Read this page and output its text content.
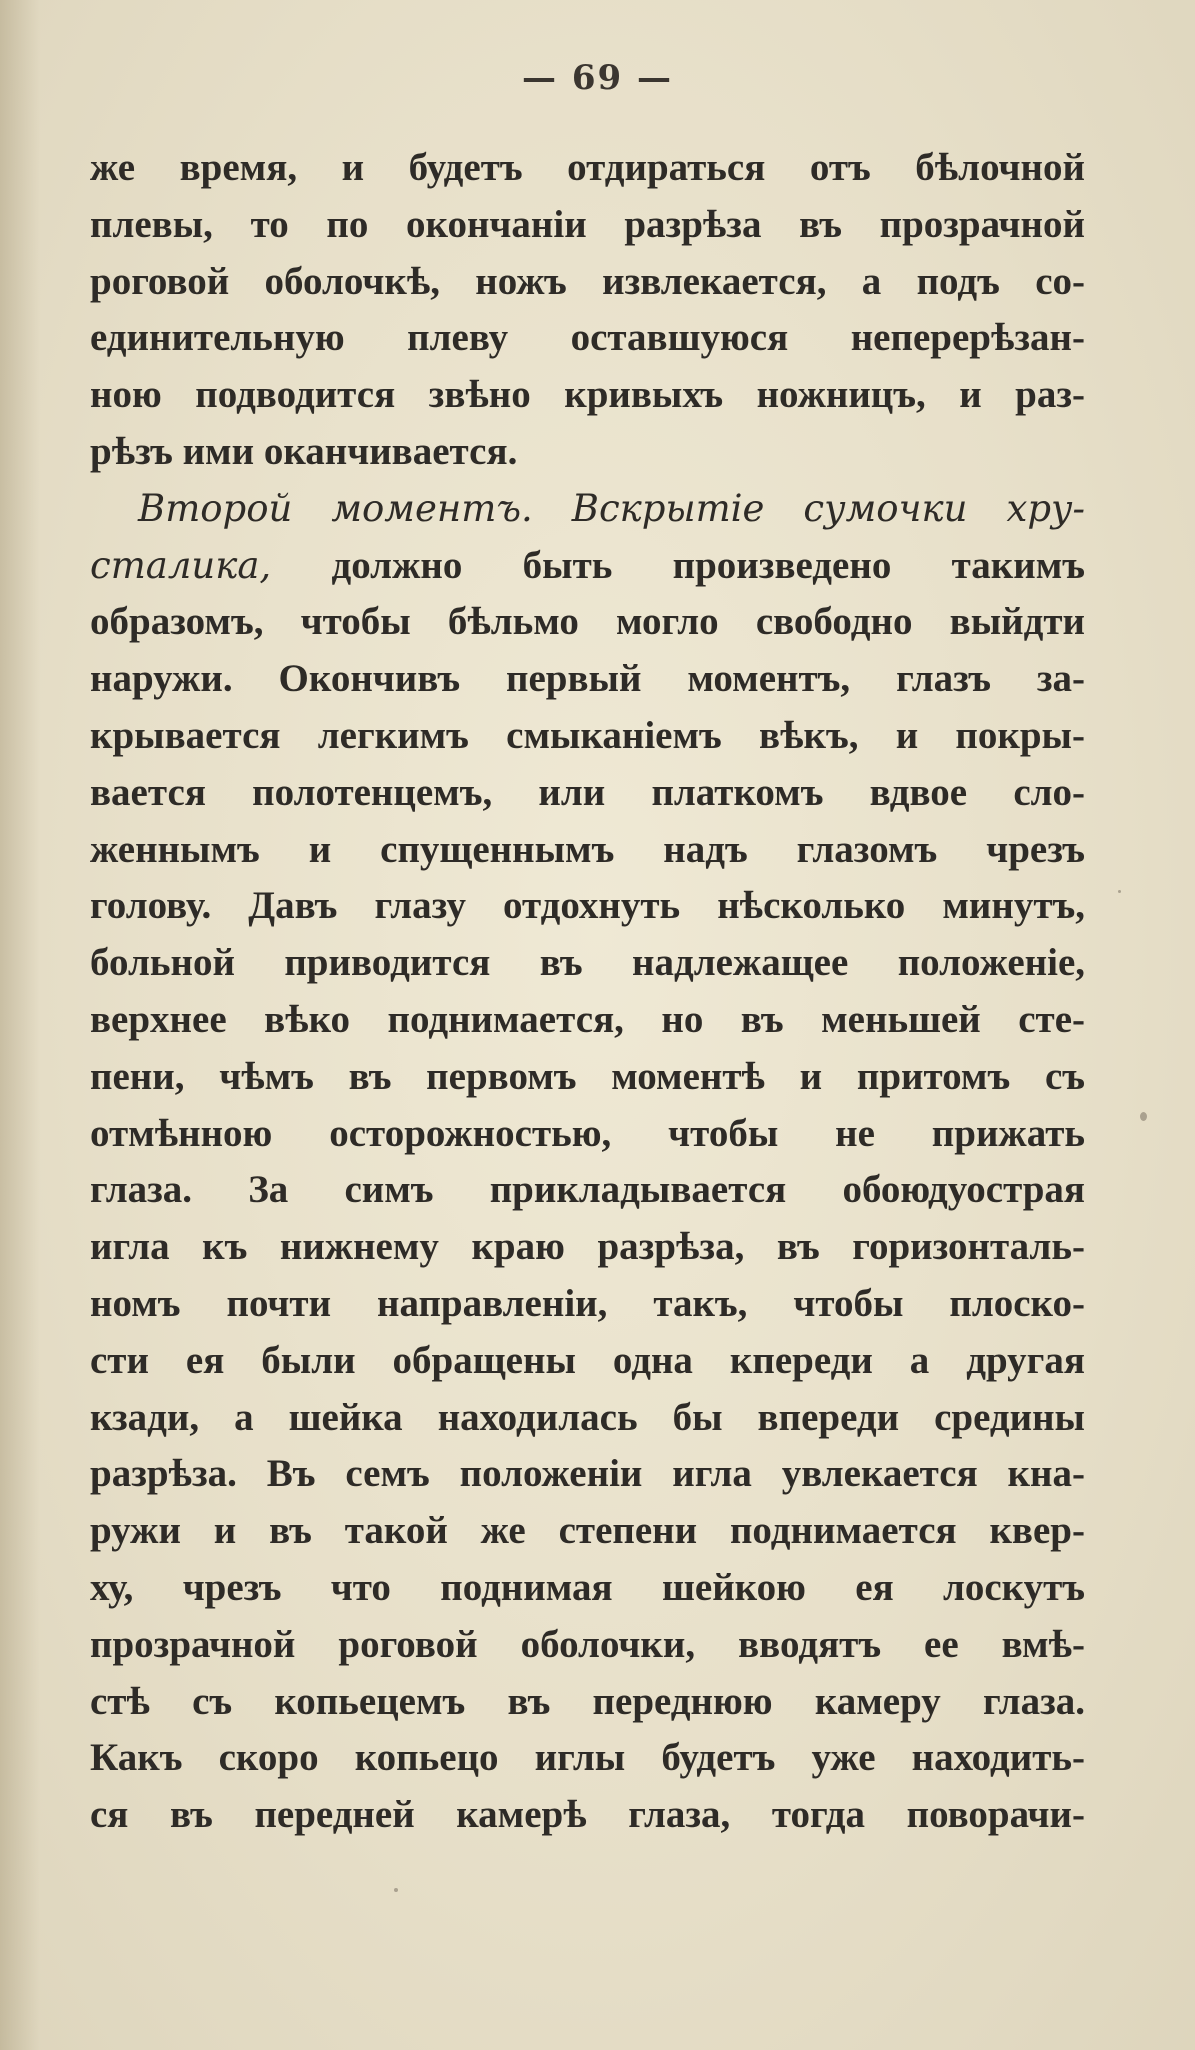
— 69 —
же время, и будетъ отдираться отъ бѣлочной
плевы, то по окончанiи разрѣза въ прозрачной
роговой оболочкѣ, ножъ извлекается, а подъ со-
единительную плеву оставшуюся неперерѣзан-
ною подводится звѣно кривыхъ ножницъ, и раз-
рѣзъ ими оканчивается.
Второй моментъ. Вскрытiе сумочки хру-
сталика, должно быть произведено такимъ
образомъ, чтобы бѣльмо могло свободно выйдти
наружи. Окончивъ первый моментъ, глазъ за-
крывается легкимъ смыканiемъ вѣкъ, и покры-
вается полотенцемъ, или платкомъ вдвое сло-
женнымъ и спущеннымъ надъ глазомъ чрезъ
голову. Давъ глазу отдохнуть нѣсколько минутъ,
больной приводится въ надлежащее положенiе,
верхнее вѣко поднимается, но въ меньшей сте-
пени, чѣмъ въ первомъ моментѣ и притомъ съ
отмѣнною осторожностью, чтобы не прижать
глаза. За симъ прикладывается обоюдуострая
игла къ нижнему краю разрѣза, въ горизонталь-
номъ почти направленiи, такъ, чтобы плоско-
сти ея были обращены одна кпереди а другая
кзади, а шейка находилась бы впереди средины
разрѣза. Въ семъ положенiи игла увлекается кна-
ружи и въ такой же степени поднимается квер-
ху, чрезъ что поднимая шейкою ея лоскутъ
прозрачной роговой оболочки, вводятъ ее вмѣ-
стѣ съ копьецемъ въ переднюю камеру глаза.
Какъ скоро копьецо иглы будетъ уже находить-
ся въ передней камерѣ глаза, тогда поворачи-
